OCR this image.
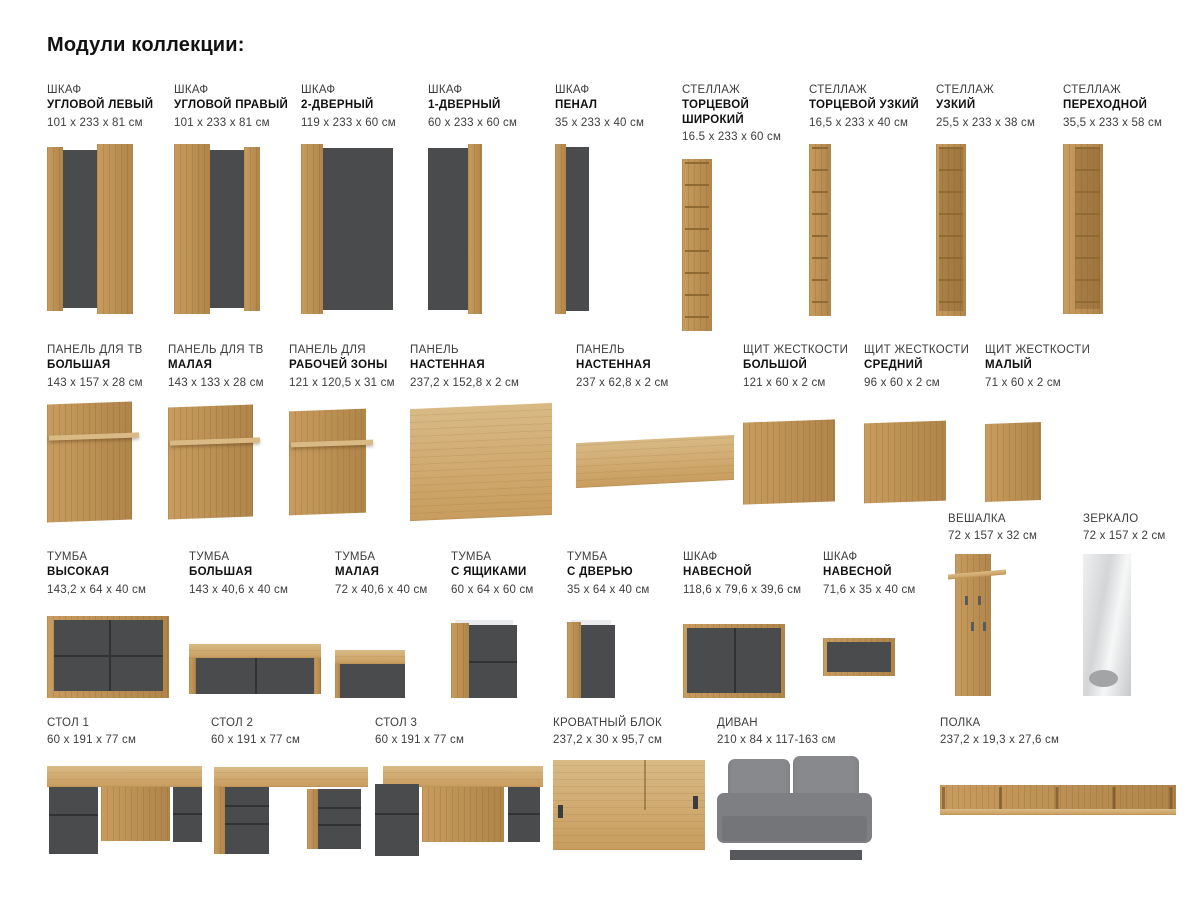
Модули коллекции:
ШКАФ
УГЛОВОЙ ЛЕВЫЙ
101 x 233 x 81 см
ШКАФ
УГЛОВОЙ ПРАВЫЙ
101 x 233 x 81 см
ШКАФ
2-ДВЕРНЫЙ
119 x 233 x 60 см
ШКАФ
1-ДВЕРНЫЙ
60 x 233 x 60 см
ШКАФ
ПЕНАЛ
35 x 233 x 40 см
СТЕЛЛАЖ
ТОРЦЕВОЙ ШИРОКИЙ
16.5 x 233 x 60 см
СТЕЛЛАЖ
ТОРЦЕВОЙ УЗКИЙ
16,5 x 233 x 40 см
СТЕЛЛАЖ
УЗКИЙ
25,5 x 233 x 38 см
СТЕЛЛАЖ
ПЕРЕХОДНОЙ
35,5 x 233 x 58 см
ПАНЕЛЬ ДЛЯ ТВ
БОЛЬШАЯ
143 x 157 x 28 см
ПАНЕЛЬ ДЛЯ ТВ
МАЛАЯ
143 x 133 x 28 см
ПАНЕЛЬ ДЛЯ
РАБОЧЕЙ ЗОНЫ
121 x 120,5 x 31 см
ПАНЕЛЬ
НАСТЕННАЯ
237,2 x 152,8 x 2 см
ПАНЕЛЬ
НАСТЕННАЯ
237 x 62,8 x 2 см
ЩИТ ЖЕСТКОСТИ
БОЛЬШОЙ
121 x 60 x 2 см
ЩИТ ЖЕСТКОСТИ
СРЕДНИЙ
96 x 60 x 2 см
ЩИТ ЖЕСТКОСТИ
МАЛЫЙ
71 x 60 x 2 см
ТУМБА
ВЫСОКАЯ
143,2 x 64 x 40 см
ТУМБА
БОЛЬШАЯ
143 x 40,6 x 40 см
ТУМБА
МАЛАЯ
72 x 40,6 x 40 см
ТУМБА
С ЯЩИКАМИ
60 x 64 x 60 см
ТУМБА
С ДВЕРЬЮ
35 x 64 x 40 см
ШКАФ
НАВЕСНОЙ
118,6 x 79,6 x 39,6 см
ШКАФ
НАВЕСНОЙ
71,6 x 35 x 40 см
СТОЛ 1
60 x 191 x 77 см
СТОЛ 2
60 x 191 x 77 см
СТОЛ 3
60 x 191 x 77 см
КРОВАТНЫЙ БЛОК
237,2 x 30 x 95,7 см
ДИВАН
210 x 84 x 117-163 см
ПОЛКА
237,2 x 19,3 x 27,6 см
ВЕШАЛКА
72 x 157 x 32 см
ЗЕРКАЛО
72 x 157 x 2 см
